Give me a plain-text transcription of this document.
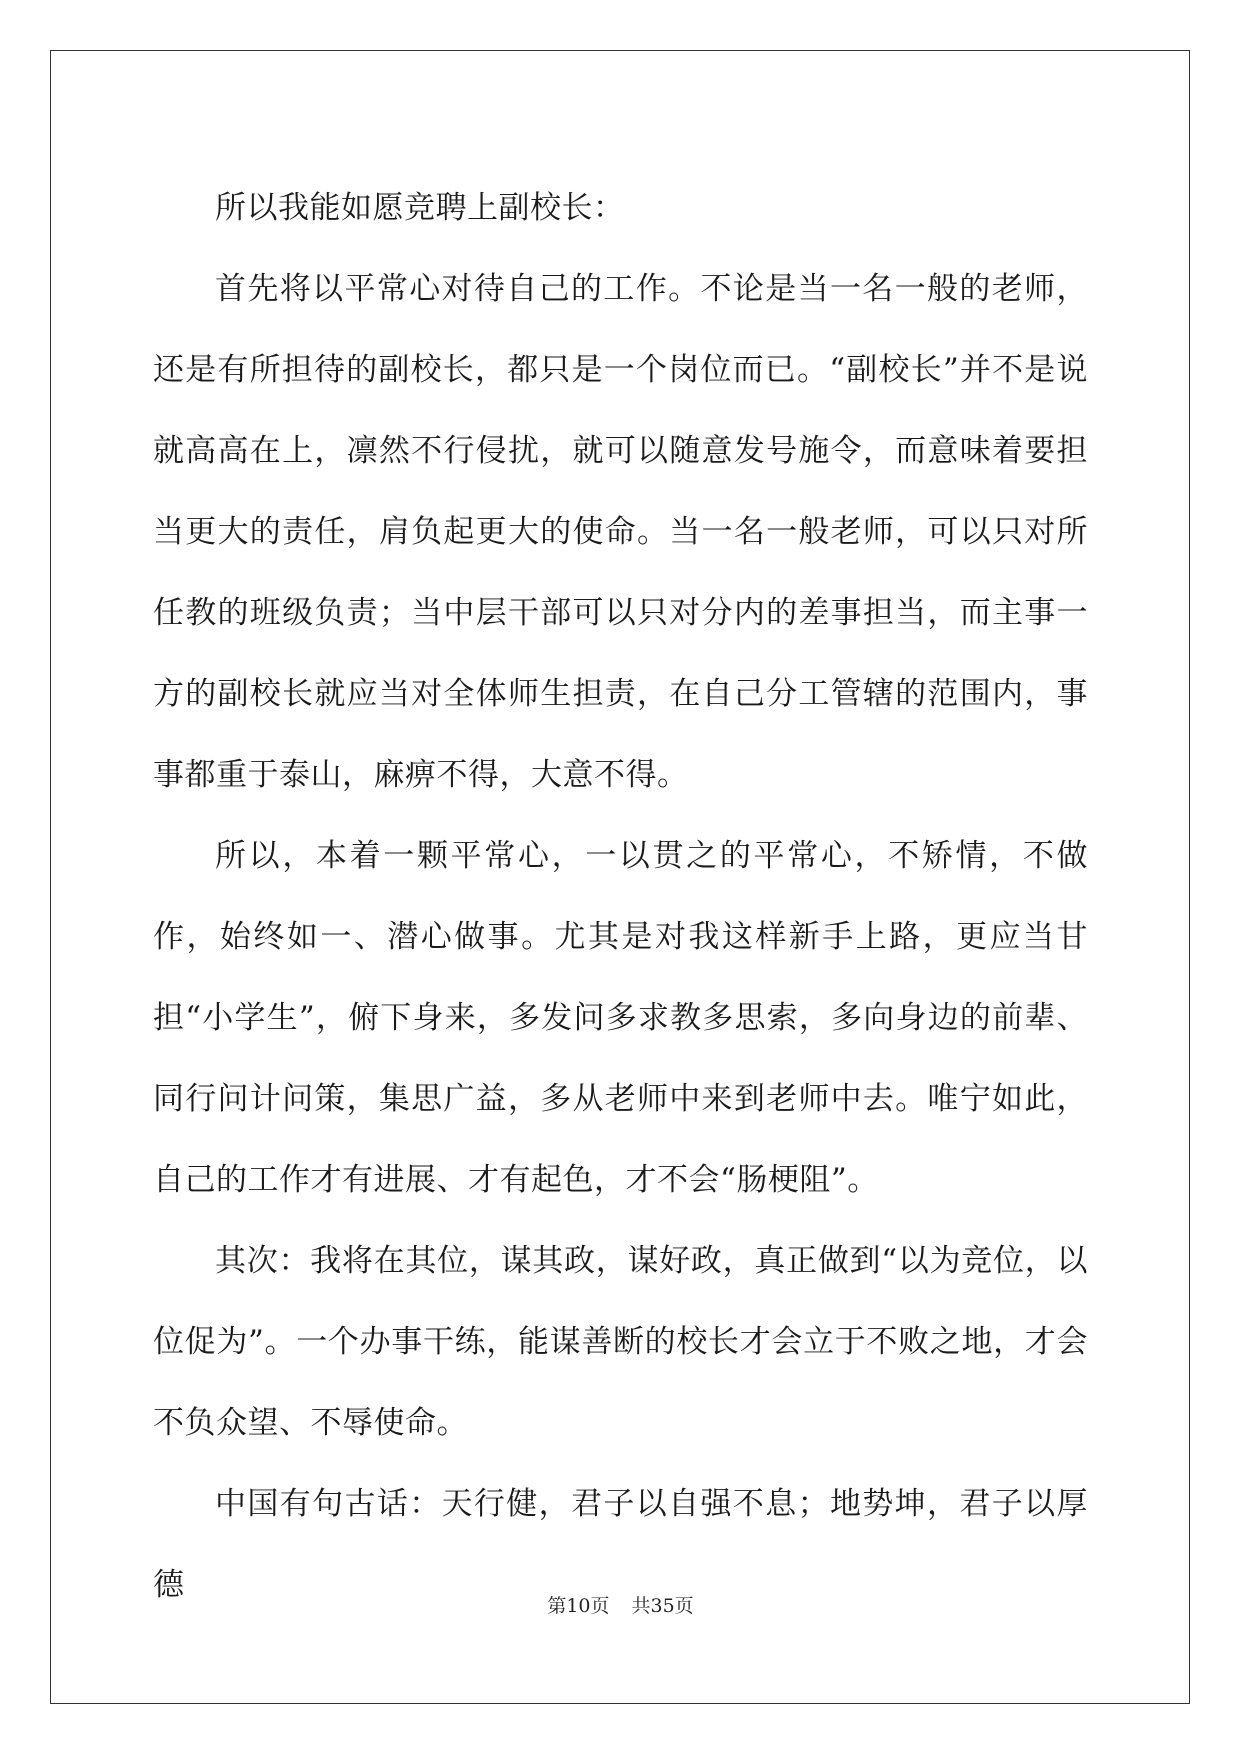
所以我能如愿竞聘上副校长：

首先将以平常心对待自己的工作。不论是当一名一般的老师，还是有所担待的副校长，都只是一个岗位而已。“副校长”并不是说就高高在上，凛然不行侵扰，就可以随意发号施令，而意味着要担当更大的责任，肩负起更大的使命。当一名一般老师，可以只对所任教的班级负责；当中层干部可以只对分内的差事担当，而主事一方的副校长就应当对全体师生担责，在自己分工管辖的范围内，事事都重于泰山，麻痹不得，大意不得。

所以，本着一颗平常心，一以贯之的平常心，不矫情，不做作，始终如一、潜心做事。尤其是对我这样新手上路，更应当甘担“小学生”，俯下身来，多发问多求教多思索，多向身边的前辈、同行问计问策，集思广益，多从老师中来到老师中去。唯宁如此，自己的工作才有进展、才有起色，才不会“肠梗阻”。

其次：我将在其位，谋其政，谋好政，真正做到“以为竞位，以位促为”。一个办事干练，能谋善断的校长才会立于不败之地，才会不负众望、不辱使命。

中国有句古话：天行健，君子以自强不息；地势坤，君子以厚德

第10页 共35页
